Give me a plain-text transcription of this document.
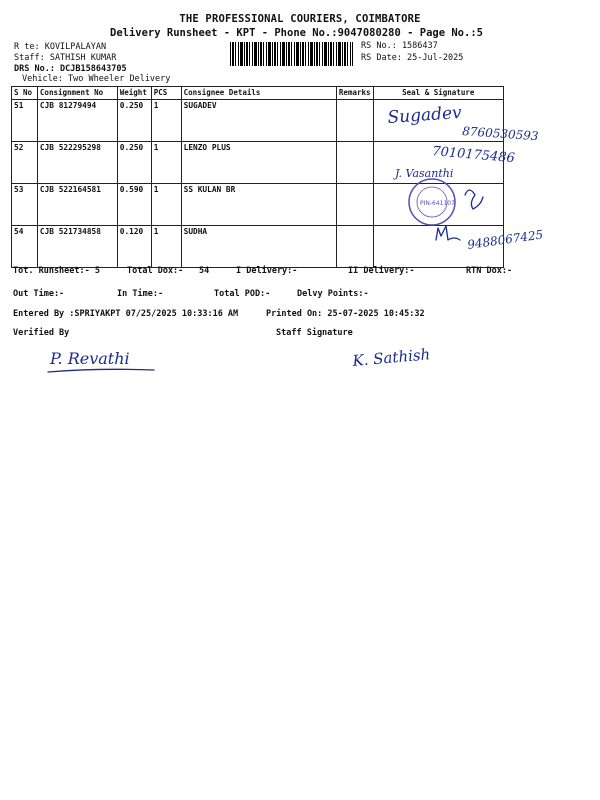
THE PROFESSIONAL COURIERS, COIMBATORE
Delivery Runsheet - KPT - Phone No.:9047080280 - Page No.:5
R te: KOVILPALAYAN
Staff: SATHISH KUMAR
DRS No.: DCJB158643705
Vehicle: Two Wheeler Delivery
RS No.: 1586437
RS Date: 25-Jul-2025
S No	Consignment No	Weight	PCS	Consignee Details	Remarks	Seal & Signature
51	CJB 81279494	0.250	1	SUGADEV		
52	CJB 522295298	0.250	1	LENZO PLUS		
53	CJB 522164581	0.590	1	SS KULAN BR		
54	CJB 521734858	0.120	1	SUDHA		
Sugadev
8760530593
7010175486
J. Vasanthi
PIN-641107
9488067425
Tot. Runsheet:- 5	Total Dox:- 54	I Delivery:-	II Delivery:-	RTN Dox:-
Out Time:-	In Time:-	Total POD:-	Delvy Points:-
Entered By :SPRIYAKPT 07/25/2025 10:33:16 AM	Printed On: 25-07-2025 10:45:32
Verified By	Staff Signature
P. Revathi	K. Sathish
